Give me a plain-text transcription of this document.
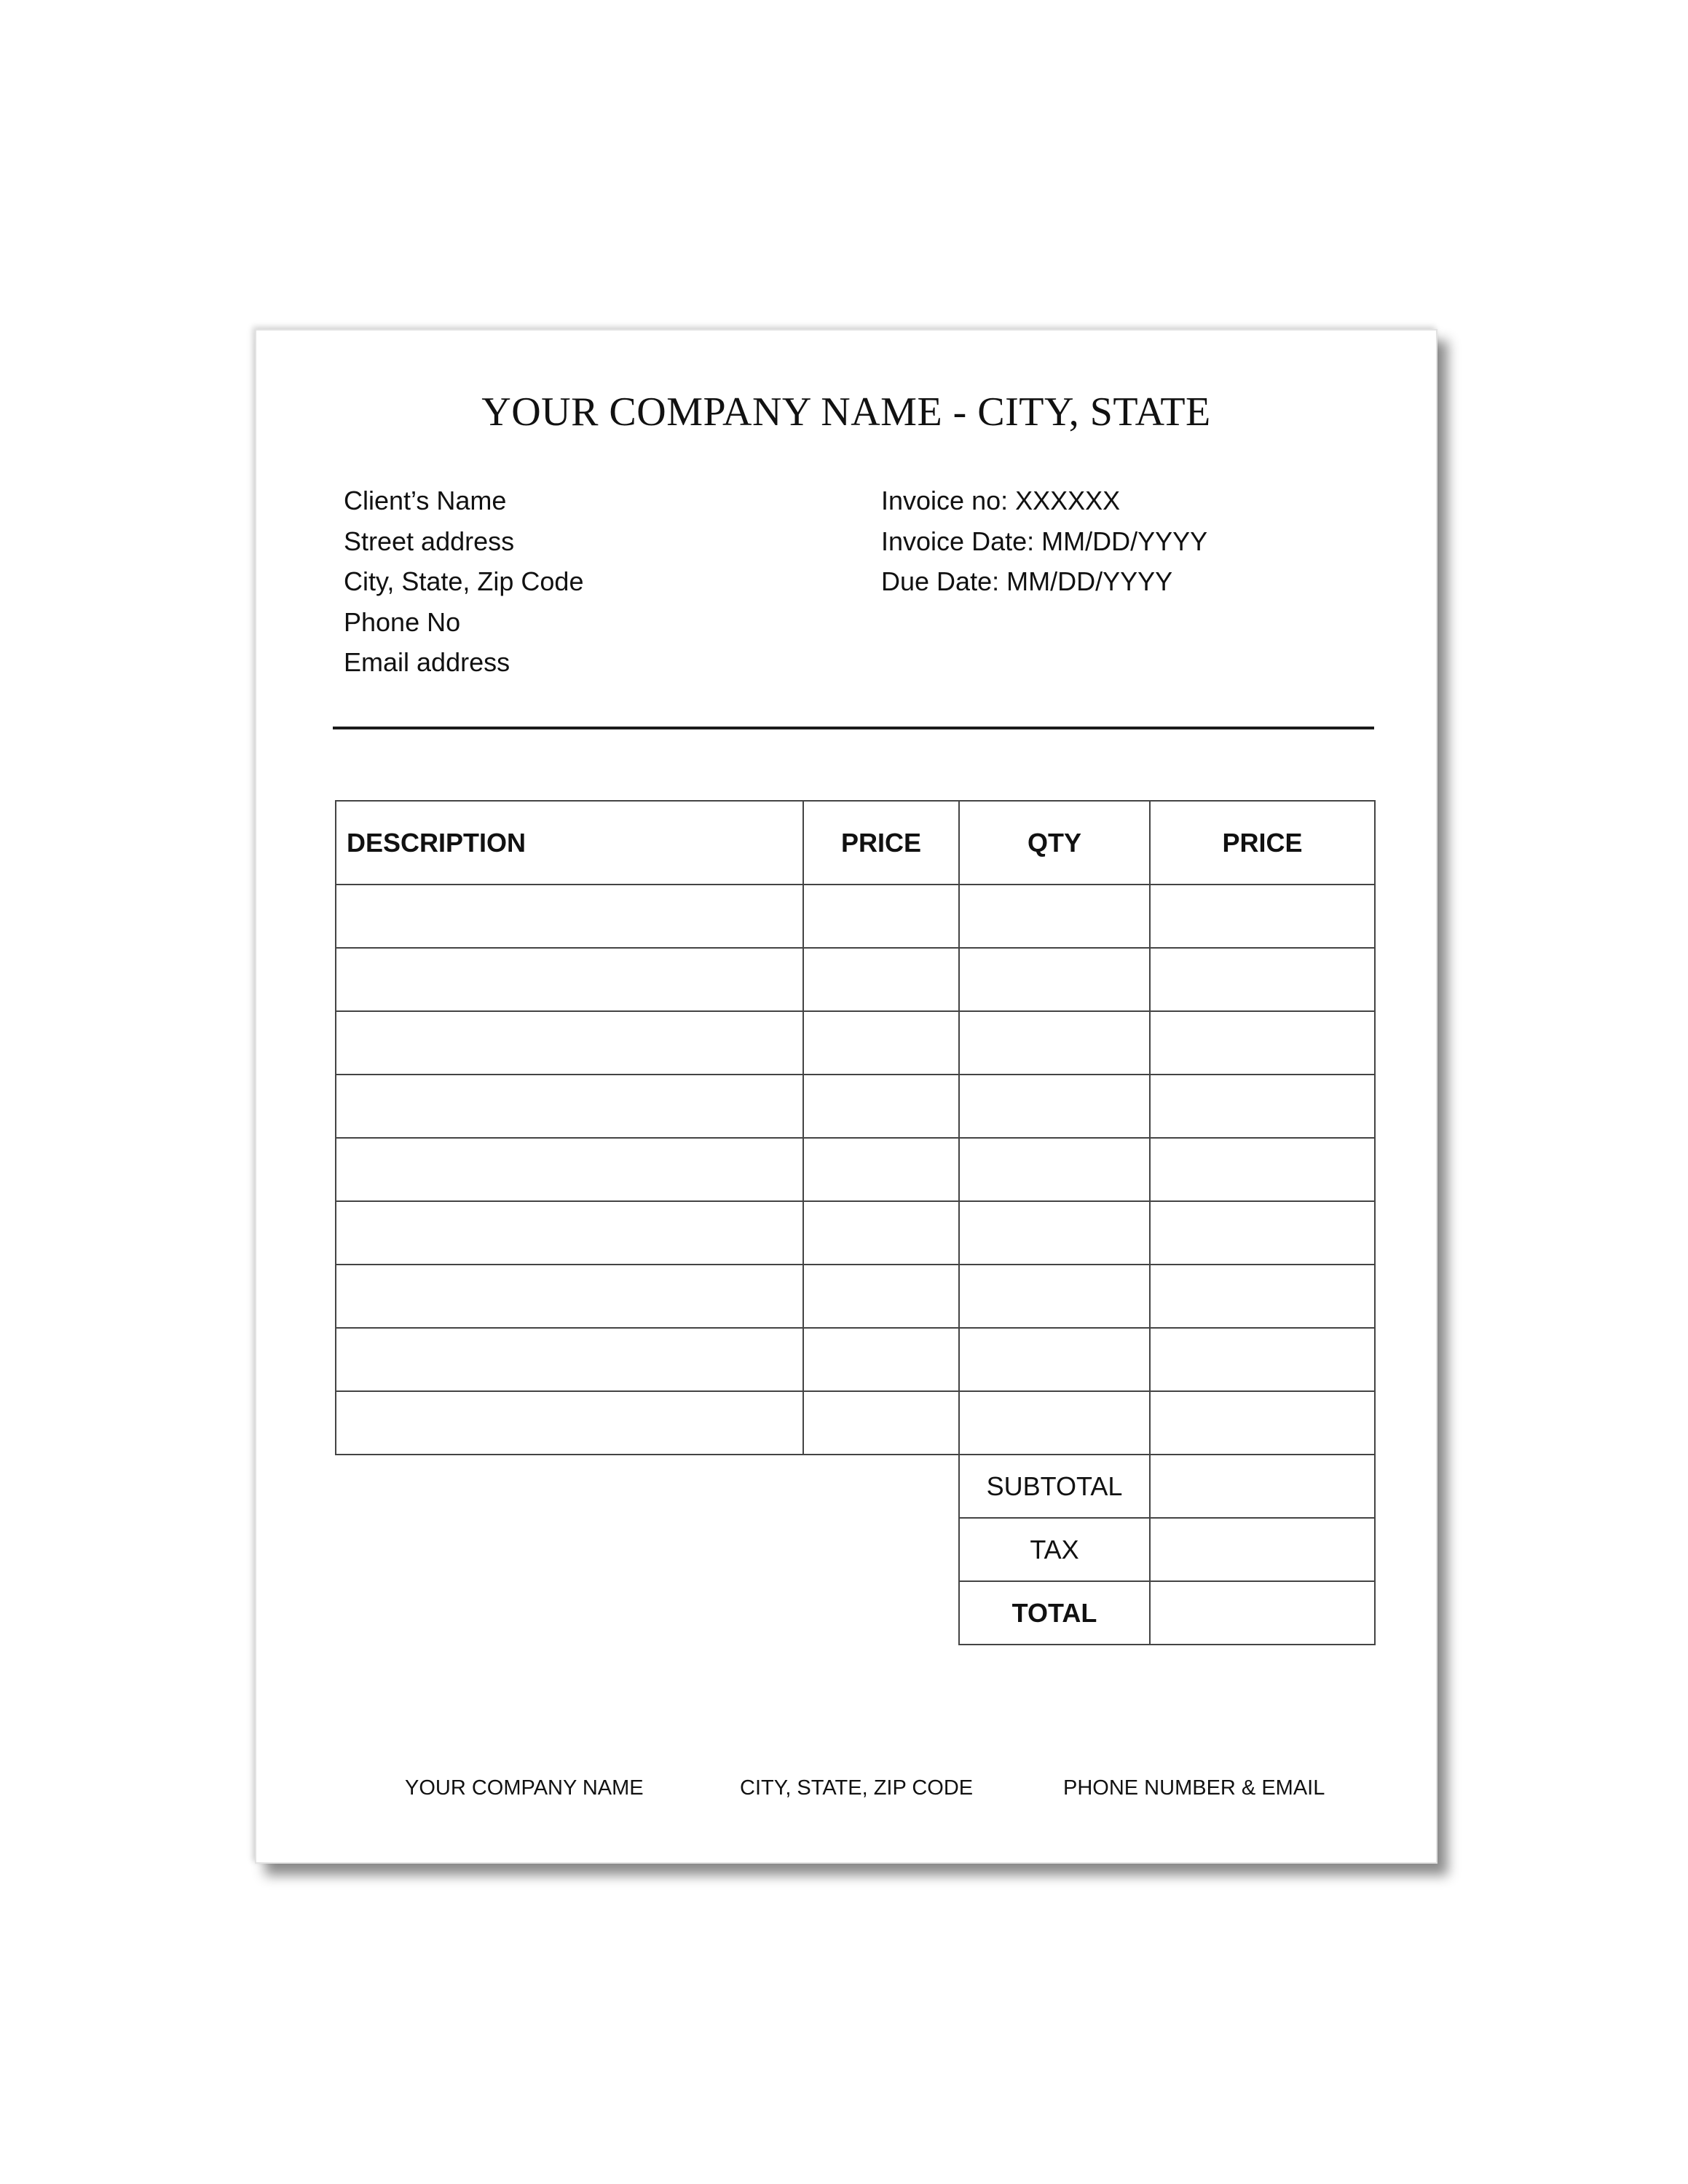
YOUR COMPANY NAME - CITY, STATE
Client’s Name
Street address
City, State, Zip Code
Phone No
Email address
Invoice no: XXXXXX
Invoice Date: MM/DD/YYYY
Due Date: MM/DD/YYYY
DESCRIPTION	PRICE	QTY	PRICE

		SUBTOTAL	
		TAX	
		TOTAL	
YOUR COMPANY NAME	CITY, STATE, ZIP CODE	PHONE NUMBER & EMAIL
